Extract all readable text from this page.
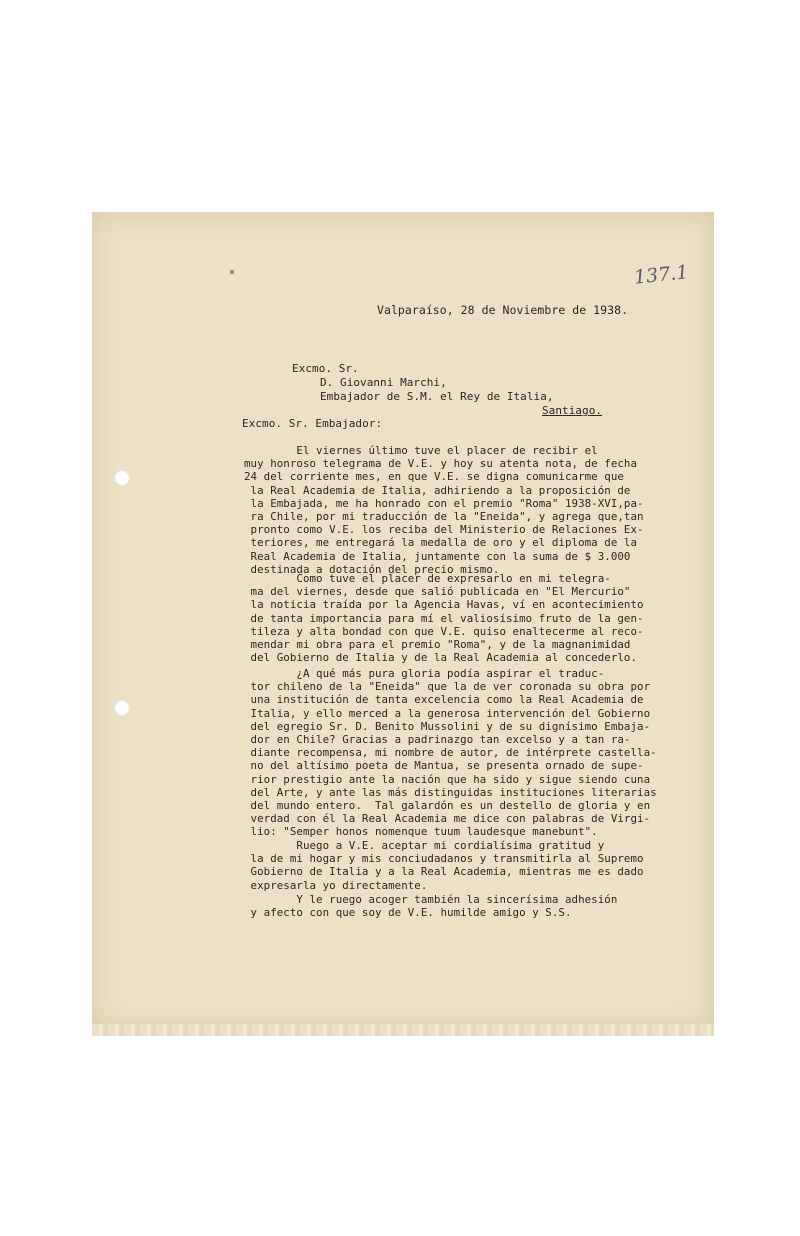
137.1
Valparaíso, 28 de Noviembre de 1938.
Excmo. Sr.
D. Giovanni Marchi,
Embajador de S.M. el Rey de Italia,
Santiago.
Excmo. Sr. Embajador:
El viernes último tuve el placer de recibir el
muy honroso telegrama de V.E. y hoy su atenta nota, de fecha
24 del corriente mes, en que V.E. se digna comunicarme que
la Real Academia de Italia, adhiriendo a la proposición de
la Embajada, me ha honrado con el premio "Roma" 1938-XVI,pa-
ra Chile, por mi traducción de la "Eneida", y agrega que,tan
pronto como V.E. los reciba del Ministerio de Relaciones Ex-
teriores, me entregará la medalla de oro y el diploma de la
Real Academia de Italia, juntamente con la suma de $ 3.000
destinada a dotación del precio mismo.
Como tuve el placer de expresarlo en mi telegra-
ma del viernes, desde que salió publicada en "El Mercurio"
la noticia traída por la Agencia Havas, ví en acontecimiento
de tanta importancia para mí el valiosísimo fruto de la gen-
tileza y alta bondad con que V.E. quiso enaltecerme al reco-
mendar mi obra para el premio "Roma", y de la magnanimidad
del Gobierno de Italia y de la Real Academia al concederlo.
¿A qué más pura gloria podía aspirar el traduc-
tor chileno de la "Eneida" que la de ver coronada su obra por
una institución de tanta excelencia como la Real Academia de
Italia, y ello merced a la generosa intervención del Gobierno
del egregio Sr. D. Benito Mussolini y de su dignísimo Embaja-
dor en Chile? Gracias a padrinazgo tan excelso y a tan ra-
diante recompensa, mi nombre de autor, de intérprete castella-
no del altísimo poeta de Mantua, se presenta ornado de supe-
rior prestigio ante la nación que ha sido y sigue siendo cuna
del Arte, y ante las más distinguidas instituciones literarias
del mundo entero.  Tal galardón es un destello de gloria y en
verdad con él la Real Academia me dice con palabras de Virgi-
lio: "Semper honos nomenque tuum laudesque manebunt".
Ruego a V.E. aceptar mi cordialísima gratitud y
la de mi hogar y mis conciudadanos y transmitirla al Supremo
Gobierno de Italia y a la Real Academia, mientras me es dado
expresarla yo directamente.
Y le ruego acoger también la sincerísima adhesión
y afecto con que soy de V.E. humilde amigo y S.S.
